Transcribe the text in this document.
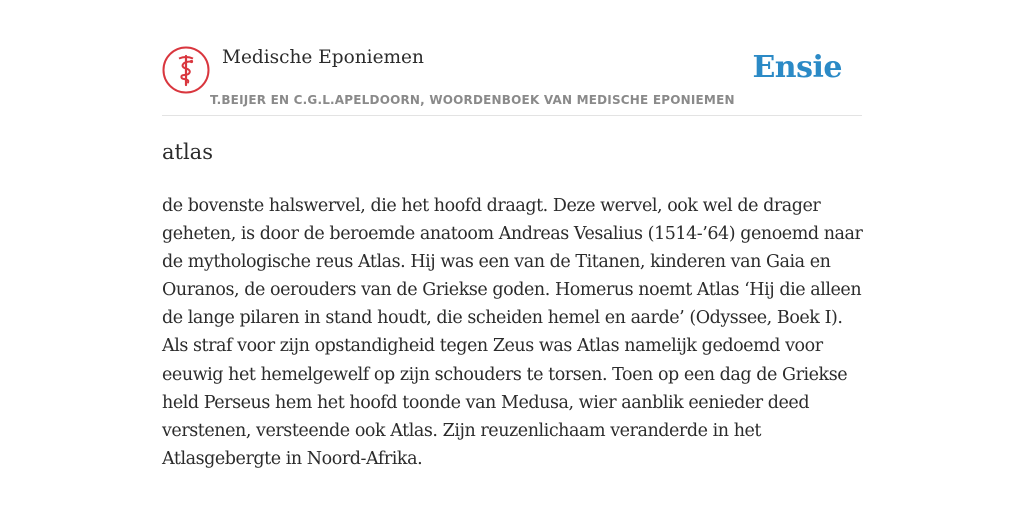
Medische Eponiemen
T.BEIJER EN C.G.L.APELDOORN, WOORDENBOEK VAN MEDISCHE EPONIEMEN
Ensie
atlas

de bovenste halswervel, die het hoofd draagt. Deze wervel, ook wel de drager geheten, is door de beroemde anatoom Andreas Vesalius (1514-’64) genoemd naar de mythologische reus Atlas. Hij was een van de Titanen, kinderen van Gaia en Ouranos, de oerouders van de Griekse goden. Homerus noemt Atlas ‘Hij die alleen de lange pilaren in stand houdt, die scheiden hemel en aarde’ (Odyssee, Boek I). Als straf voor zijn opstandigheid tegen Zeus was Atlas namelijk gedoemd voor eeuwig het hemelgewelf op zijn schouders te torsen. Toen op een dag de Griekse held Perseus hem het hoofd toonde van Medusa, wier aanblik eenieder deed verstenen, versteende ook Atlas. Zijn reuzenlichaam veranderde in het Atlasgebergte in Noord-Afrika.
